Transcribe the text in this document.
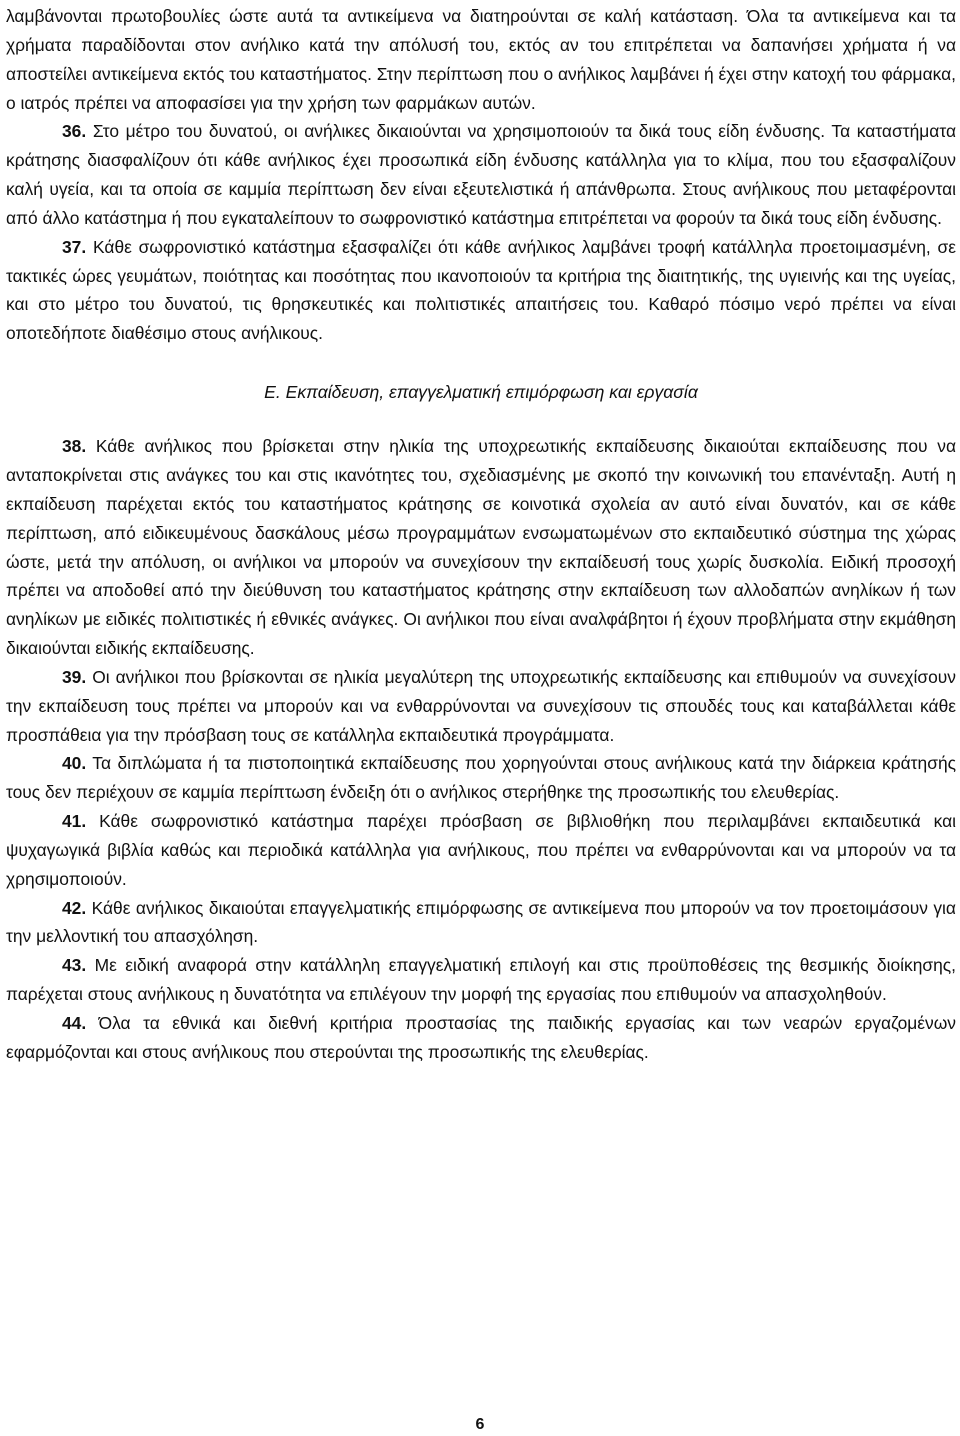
λαμβάνονται πρωτοβουλίες ώστε αυτά τα αντικείμενα να διατηρούνται σε καλή κατάσταση. Όλα τα αντικείμενα και τα χρήματα παραδίδονται στον ανήλικο κατά την απόλυσή του, εκτός αν του επιτρέπεται να δαπανήσει χρήματα ή να αποστείλει αντικείμενα εκτός του καταστήματος. Στην περίπτωση που ο ανήλικος λαμβάνει ή έχει στην κατοχή του φάρμακα, ο ιατρός πρέπει να αποφασίσει για την χρήση των φαρμάκων αυτών.

36. Στο μέτρο του δυνατού, οι ανήλικες δικαιούνται να χρησιμοποιούν τα δικά τους είδη ένδυσης. Τα καταστήματα κράτησης διασφαλίζουν ότι κάθε ανήλικος έχει προσωπικά είδη ένδυσης κατάλληλα για το κλίμα, που του εξασφαλίζουν καλή υγεία, και τα οποία σε καμμία περίπτωση δεν είναι εξευτελιστικά ή απάνθρωπα. Στους ανήλικους που μεταφέρονται από άλλο κατάστημα ή που εγκαταλείπουν το σωφρονιστικό κατάστημα επιτρέπεται να φορούν τα δικά τους είδη ένδυσης.

37. Κάθε σωφρονιστικό κατάστημα εξασφαλίζει ότι κάθε ανήλικος λαμβάνει τροφή κατάλληλα προετοιμασμένη, σε τακτικές ώρες γευμάτων, ποιότητας και ποσότητας που ικανοποιούν τα κριτήρια της διαιτητικής, της υγιεινής και της υγείας, και στο μέτρο του δυνατού, τις θρησκευτικές και πολιτιστικές απαιτήσεις του. Καθαρό πόσιμο νερό πρέπει να είναι οποτεδήποτε διαθέσιμο στους ανήλικους.

Ε. Εκπαίδευση, επαγγελματική επιμόρφωση και εργασία

38. Κάθε ανήλικος που βρίσκεται στην ηλικία της υποχρεωτικής εκπαίδευσης δικαιούται εκπαίδευσης που να ανταποκρίνεται στις ανάγκες του και στις ικανότητες του, σχεδιασμένης με σκοπό την κοινωνική του επανένταξη. Αυτή η εκπαίδευση παρέχεται εκτός του καταστήματος κράτησης σε κοινοτικά σχολεία αν αυτό είναι δυνατόν, και σε κάθε περίπτωση, από ειδικευμένους δασκάλους μέσω προγραμμάτων ενσωματωμένων στο εκπαιδευτικό σύστημα της χώρας ώστε, μετά την απόλυση, οι ανήλικοι να μπορούν να συνεχίσουν την εκπαίδευσή τους χωρίς δυσκολία. Ειδική προσοχή πρέπει να αποδοθεί από την διεύθυνση του καταστήματος κράτησης στην εκπαίδευση των αλλοδαπών ανηλίκων ή των ανηλίκων με ειδικές πολιτιστικές ή εθνικές ανάγκες. Οι ανήλικοι που είναι αναλφάβητοι ή έχουν προβλήματα στην εκμάθηση δικαιούνται ειδικής εκπαίδευσης.

39. Οι ανήλικοι που βρίσκονται σε ηλικία μεγαλύτερη της υποχρεωτικής εκπαίδευσης και επιθυμούν να συνεχίσουν την εκπαίδευση τους πρέπει να μπορούν και να ενθαρρύνονται να συνεχίσουν τις σπουδές τους και καταβάλλεται κάθε προσπάθεια για την πρόσβαση τους σε κατάλληλα εκπαιδευτικά προγράμματα.

40. Τα διπλώματα ή τα πιστοποιητικά εκπαίδευσης που χορηγούνται στους ανήλικους κατά την διάρκεια κράτησής τους δεν περιέχουν σε καμμία περίπτωση ένδειξη ότι ο ανήλικος στερήθηκε της προσωπικής του ελευθερίας.

41. Κάθε σωφρονιστικό κατάστημα παρέχει πρόσβαση σε βιβλιοθήκη που περιλαμβάνει εκπαιδευτικά και ψυχαγωγικά βιβλία καθώς και περιοδικά κατάλληλα για ανήλικους, που πρέπει να ενθαρρύνονται και να μπορούν να τα χρησιμοποιούν.

42. Κάθε ανήλικος δικαιούται επαγγελματικής επιμόρφωσης σε αντικείμενα που μπορούν να τον προετοιμάσουν για την μελλοντική του απασχόληση.

43. Με ειδική αναφορά στην κατάλληλη επαγγελματική επιλογή και στις προϋποθέσεις της θεσμικής διοίκησης, παρέχεται στους ανήλικους η δυνατότητα να επιλέγουν την μορφή της εργασίας που επιθυμούν να απασχοληθούν.

44. Όλα τα εθνικά και διεθνή κριτήρια προστασίας της παιδικής εργασίας και των νεαρών εργαζομένων εφαρμόζονται και στους ανήλικους που στερούνται της προσωπικής της ελευθερίας.

6
